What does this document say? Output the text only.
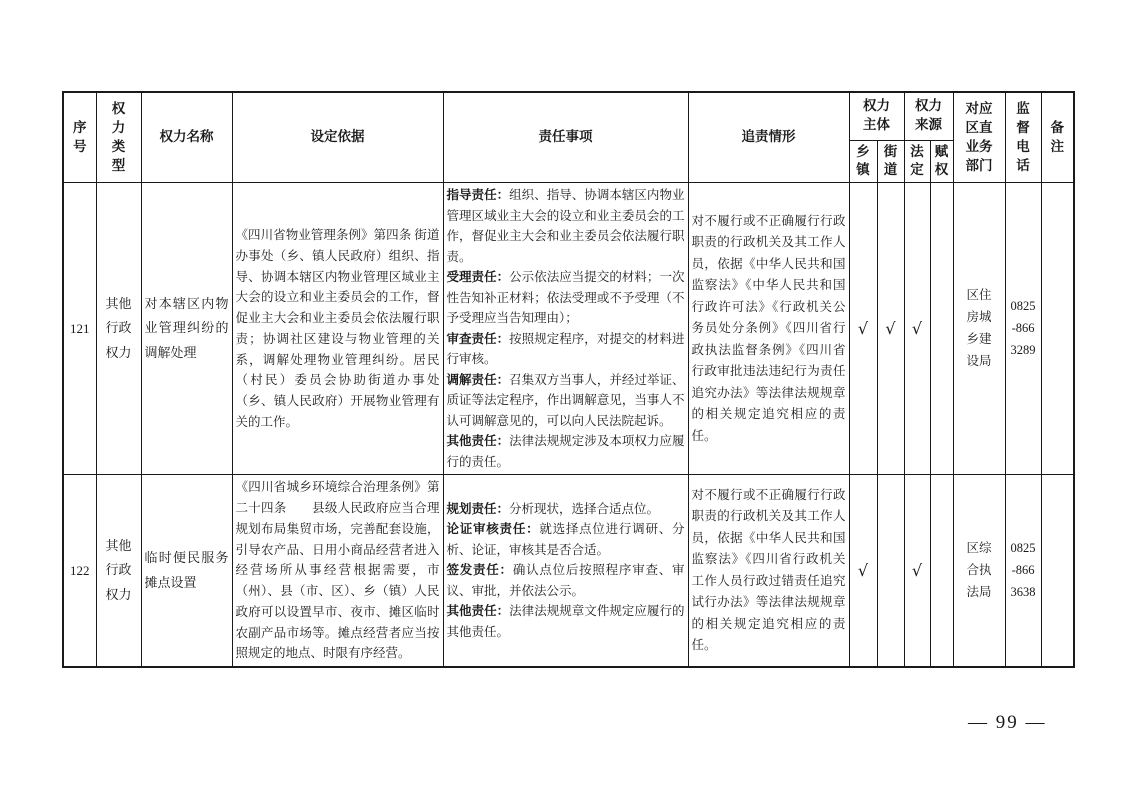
序号	权力类型	权力名称	设定依据	责任事项	追责情形	权力主体		权力来源		对应区直业务部门	监督电话	备注

						乡镇	街道	法定	赋权			

121	其他行政权力	对本辖区内物业管理纠纷的调解处理	《四川省物业管理条例》第四条 街道办事处（乡、镇人民政府）组织、指导、协调本辖区内物业管理区域业主大会的设立和业主委员会的工作，督促业主大会和业主委员会依法履行职责；协调社区建设与物业管理的关系，调解处理物业管理纠纷。居民（村民）委员会协助街道办事处（乡、镇人民政府）开展物业管理有关的工作。	指导责任：组织、指导、协调本辖区内物业管理区域业主大会的设立和业主委员会的工作，督促业主大会和业主委员会依法履行职责。
受理责任：公示依法应当提交的材料；一次性告知补正材料；依法受理或不予受理（不予受理应当告知理由）；
审查责任：按照规定程序，对提交的材料进行审核。
调解责任：召集双方当事人，并经过举证、质证等法定程序，作出调解意见，当事人不认可调解意见的，可以向人民法院起诉。
其他责任：法律法规规定涉及本项权力应履行的责任。	对不履行或不正确履行行政职责的行政机关及其工作人员，依据《中华人民共和国监察法》《中华人民共和国行政许可法》《行政机关公务员处分条例》《四川省行政执法监督条例》《四川省行政审批违法违纪行为责任追究办法》等法律法规规章的相关规定追究相应的责任。	√	√	√		区住房城乡建设局	0825-8663289	

122	其他行政权力	临时便民服务摊点设置	《四川省城乡环境综合治理条例》第二十四条　　县级人民政府应当合理规划布局集贸市场，完善配套设施，引导农产品、日用小商品经营者进入经营场所从事经营根据需要，市（州）、县（市、区）、乡（镇）人民政府可以设置早市、夜市、摊区临时农副产品市场等。摊点经营者应当按照规定的地点、时限有序经营。	规划责任：分析现状，选择合适点位。
论证审核责任：就选择点位进行调研、分析、论证，审核其是否合适。
签发责任：确认点位后按照程序审查、审议、审批，并依法公示。
其他责任：法律法规规章文件规定应履行的其他责任。	对不履行或不正确履行行政职责的行政机关及其工作人员，依据《中华人民共和国监察法》《四川省行政机关工作人员行政过错责任追究试行办法》等法律法规规章的相关规定追究相应的责任。	√		√		区综合执法局	0825-8663638	

— 99 —
